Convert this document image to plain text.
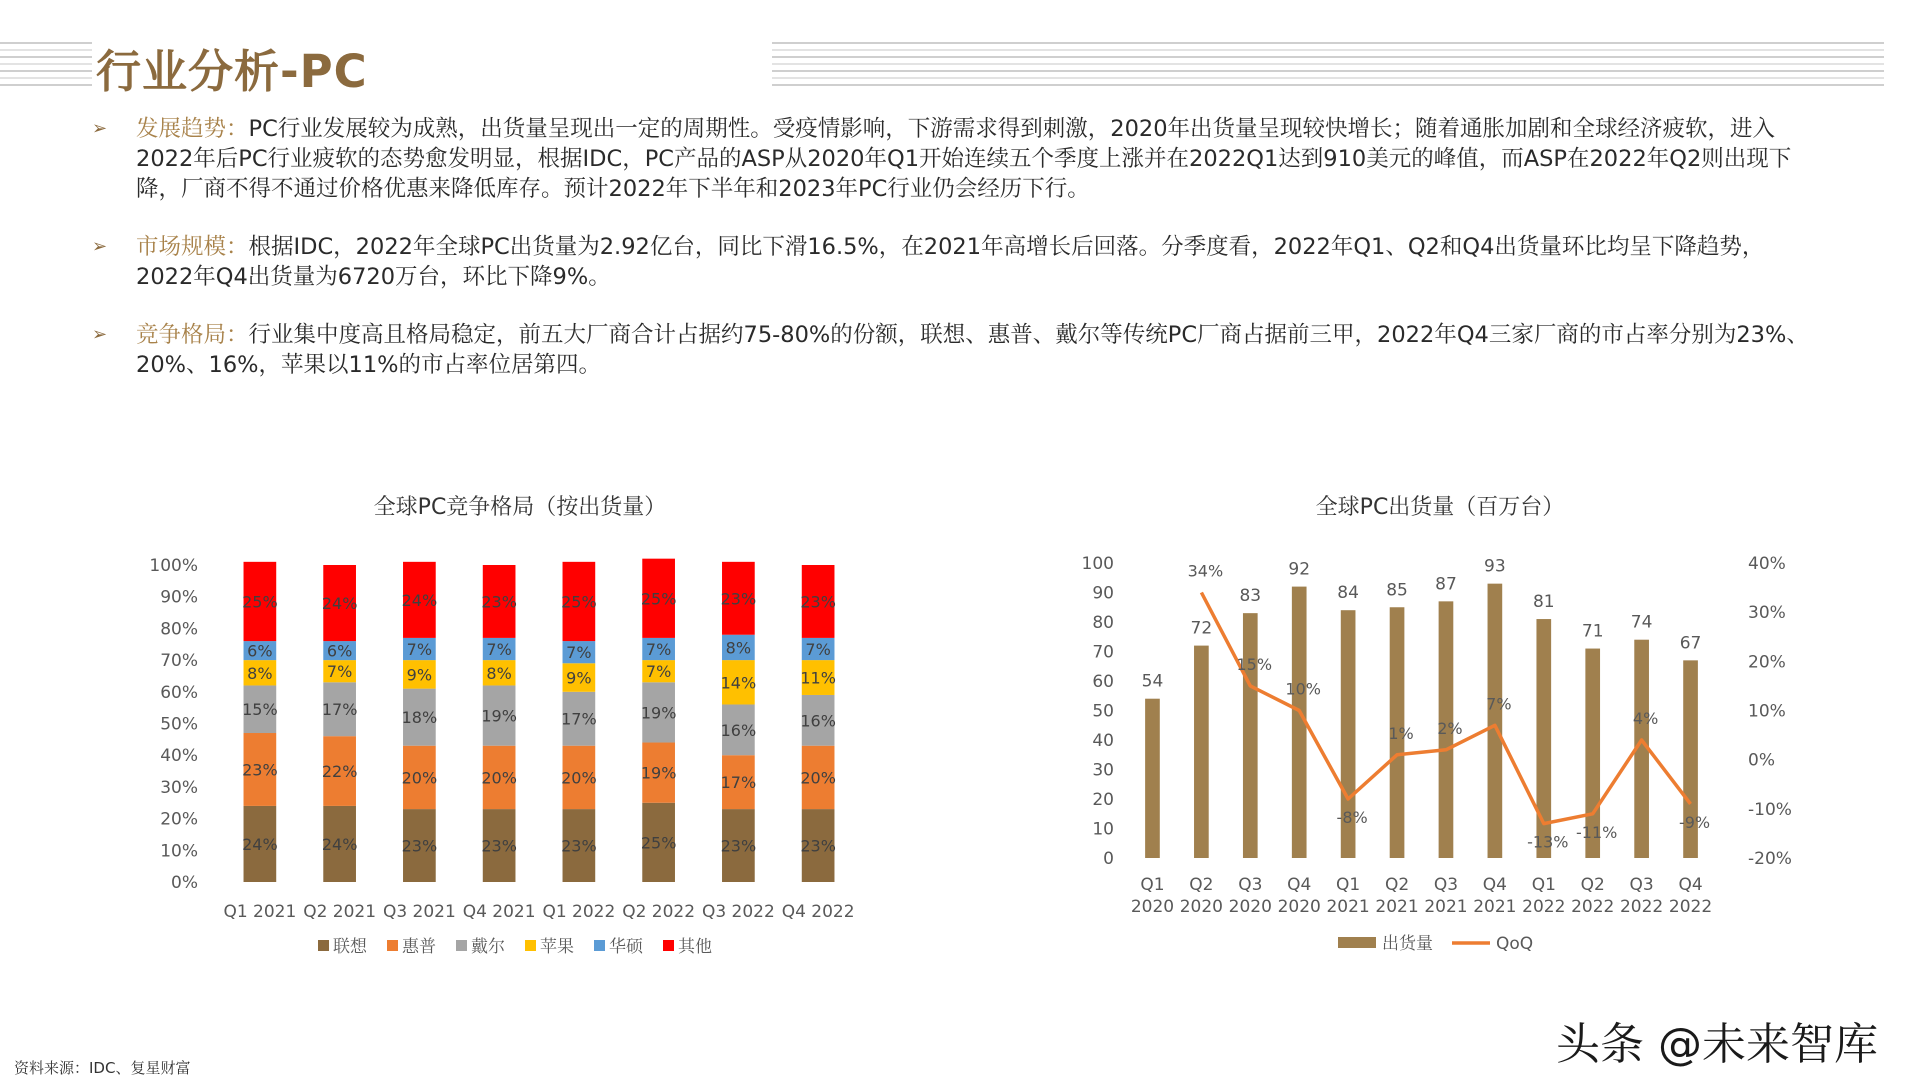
行业分析-PC
➢ 发展趋势：PC行业发展较为成熟，出货量呈现出一定的周期性。受疫情影响，下游需求得到刺激，2020年出货量呈现较快增长；随着通胀加剧和全球经济疲软，进入2022年后PC行业疲软的态势愈发明显，根据IDC，PC产品的ASP从2020年Q1开始连续五个季度上涨并在2022Q1达到910美元的峰值，而ASP在2022年Q2则出现下降，厂商不得不通过价格优惠来降低库存。预计2022年下半年和2023年PC行业仍会经历下行。
➢ 市场规模：根据IDC，2022年全球PC出货量为2.92亿台，同比下滑16.5%，在2021年高增长后回落。分季度看，2022年Q1、Q2和Q4出货量环比均呈下降趋势，2022年Q4出货量为6720万台，环比下降9%。
➢ 竞争格局：行业集中度高且格局稳定，前五大厂商合计占据约75-80%的份额，联想、惠普、戴尔等传统PC厂商占据前三甲，2022年Q4三家厂商的市占率分别为23%、20%、16%，苹果以11%的市占率位居第四。
全球PC竞争格局（按出货量）	全球PC出货量（百万台）
0%
10%
20%
30%
40%
50%
60%
70%
80%
90%
100%
24%
23%
15%
8%
6%
25%
Q1 2021
24%
22%
17%
7%
6%
24%
Q2 2021
23%
20%
18%
9%
7%
24%
Q3 2021
23%
20%
19%
8%
7%
23%
Q4 2021
23%
20%
17%
9%
7%
25%
Q1 2022
25%
19%
19%
7%
7%
25%
Q2 2022
23%
17%
16%
14%
8%
23%
Q3 2022
23%
20%
16%
11%
7%
23%
Q4 2022
联想 惠普 戴尔 苹果 华硕 其他
0
10
20
30
40
50
60
70
80
90
100
-20%
-10%
0%
10%
20%
30%
40%
54
Q1
2020
72
Q2
2020
83
Q3
2020
92
Q4
2020
84
Q1
2021
85
Q2
2021
87
Q3
2021
93
Q4
2021
81
Q1
2022
71
Q2
2022
74
Q3
2022
67
Q4
2022
34%
15%
10%
-8%
1% 2%
7%
-13%
-11%
4%
-9%
出货量	QoQ
资料来源：IDC、复星财富	头条 @未来智库
